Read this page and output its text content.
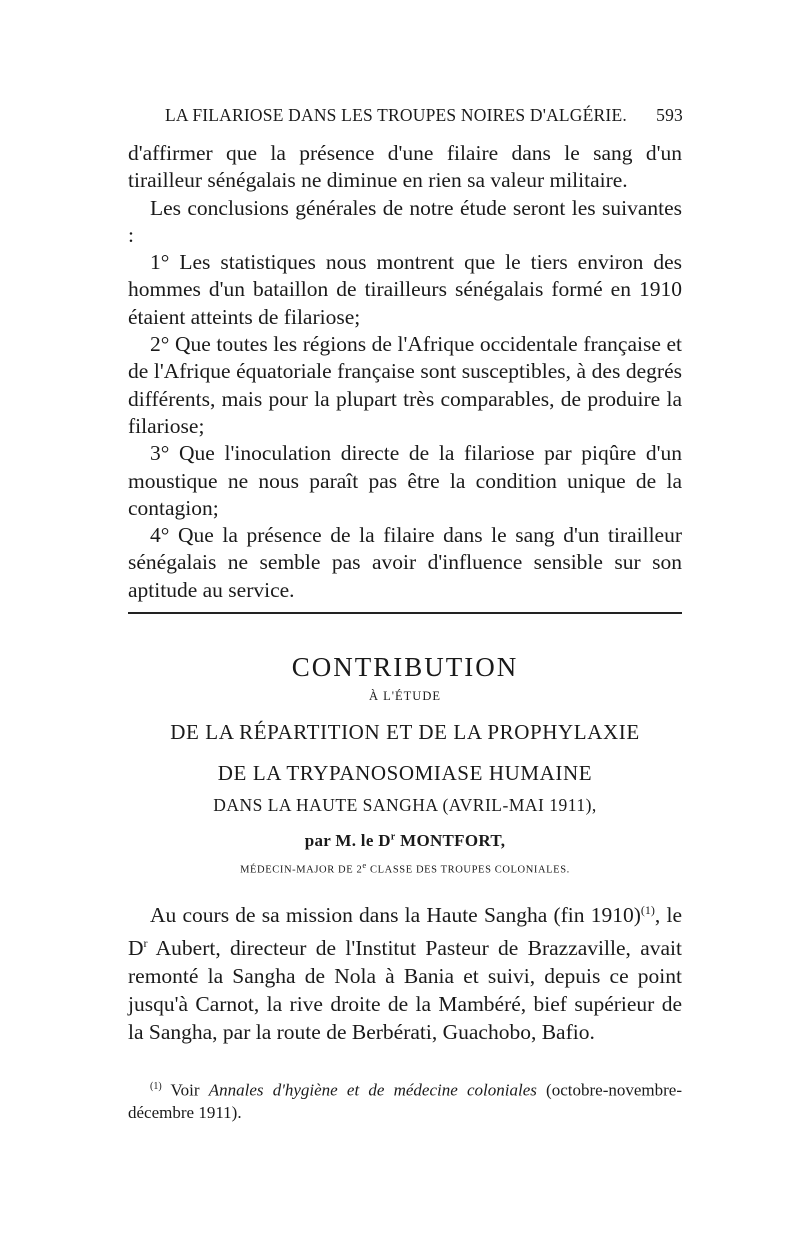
LA FILARIOSE DANS LES TROUPES NOIRES D'ALGÉRIE. 593

d'affirmer que la présence d'une filaire dans le sang d'un tirailleur sénégalais ne diminue en rien sa valeur militaire.

Les conclusions générales de notre étude seront les suivantes :

1° Les statistiques nous montrent que le tiers environ des hommes d'un bataillon de tirailleurs sénégalais formé en 1910 étaient atteints de filariose;

2° Que toutes les régions de l'Afrique occidentale française et de l'Afrique équatoriale française sont susceptibles, à des degrés différents, mais pour la plupart très comparables, de produire la filariose;

3° Que l'inoculation directe de la filariose par piqûre d'un moustique ne nous paraît pas être la condition unique de la contagion;

4° Que la présence de la filaire dans le sang d'un tirailleur sénégalais ne semble pas avoir d'influence sensible sur son aptitude au service.

CONTRIBUTION
À L'ÉTUDE
DE LA RÉPARTITION ET DE LA PROPHYLAXIE
DE LA TRYPANOSOMIASE HUMAINE
DANS LA HAUTE SANGHA (AVRIL-MAI 1911),
par M. le $D^r$ MONTFORT,
MÉDECIN-MAJOR DE 2e CLASSE DES TROUPES COLONIALES.

Au cours de sa mission dans la Haute Sangha (fin 1910)$^{(1)}$, le $D^r$ Aubert, directeur de l'Institut Pasteur de Brazzaville, avait remonté la Sangha de Nola à Bania et suivi, depuis ce point jusqu'à Carnot, la rive droite de la Mambéré, bief supérieur de la Sangha, par la route de Berbérati, Guachobo, Bafio.

$^{(1)}$ Voir Annales d'hygiène et de médecine coloniales (octobre-novembre-décembre 1911).
